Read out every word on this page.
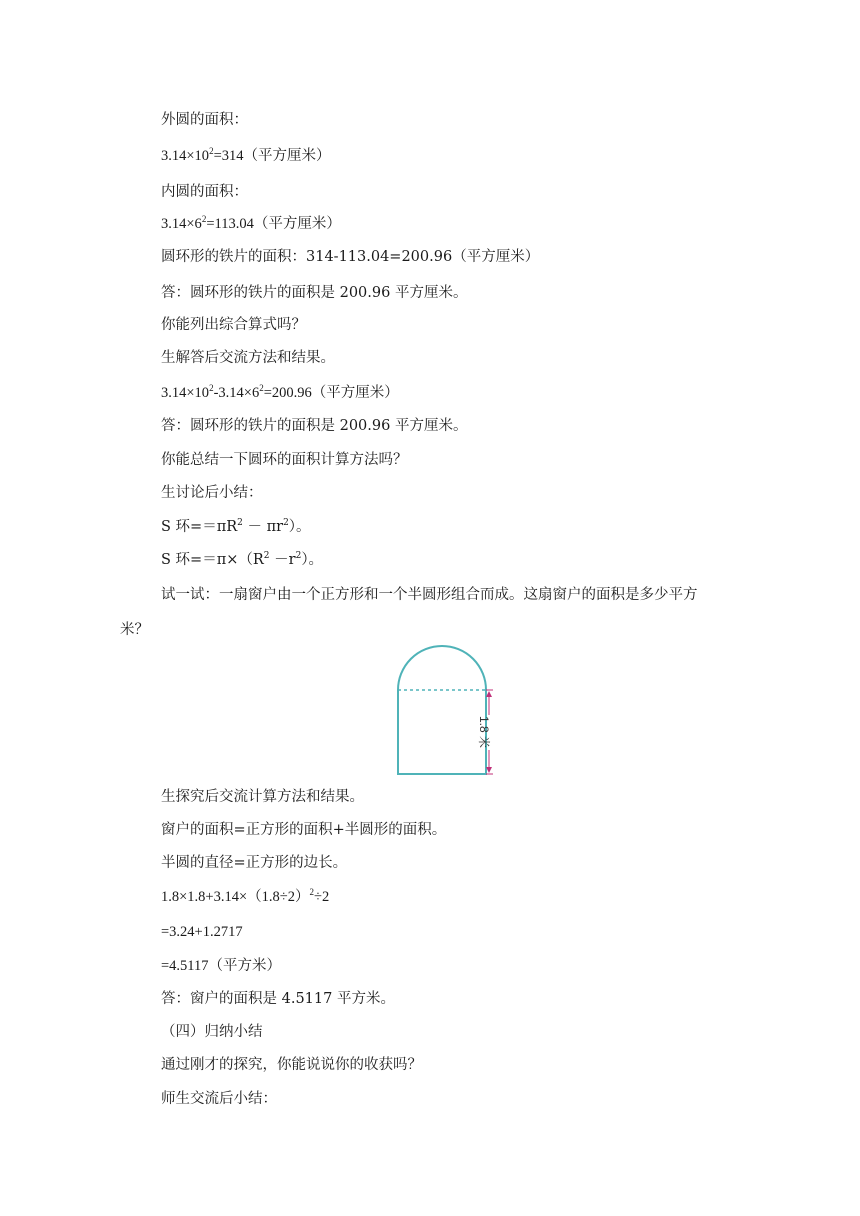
外圆的面积：
$3.14\times 10^2=314$（平方厘米）
内圆的面积：
$3.14\times 6^2=113.04$（平方厘米）
圆环形的铁片的面积：314-113.04=200.96（平方厘米）
答：圆环形的铁片的面积是 200.96 平方厘米。
你能列出综合算式吗？
生解答后交流方法和结果。
$3.14\times 10^2-3.14\times 6^2=200.96$（平方厘米）
答：圆环形的铁片的面积是 200.96 平方厘米。
你能总结一下圆环的面积计算方法吗？
生讨论后小结：
S 环$==\pi R^2 - \pi r^2$）。
S 环$==\pi\times(R^2 -r^2)$。
试一试：一扇窗户由一个正方形和一个半圆形组合而成。这扇窗户的面积是多少平方
米？
1.8 米
生探究后交流计算方法和结果。
窗户的面积=正方形的面积+半圆形的面积。
半圆的直径=正方形的边长。
$1.8\times 1.8+3.14\times(1.8\div 2)^2\div 2$
=3.24+1.2717
=4.5117（平方米）
答：窗户的面积是 4.5117 平方米。
（四）归纳小结
通过刚才的探究，你能说说你的收获吗？
师生交流后小结：
